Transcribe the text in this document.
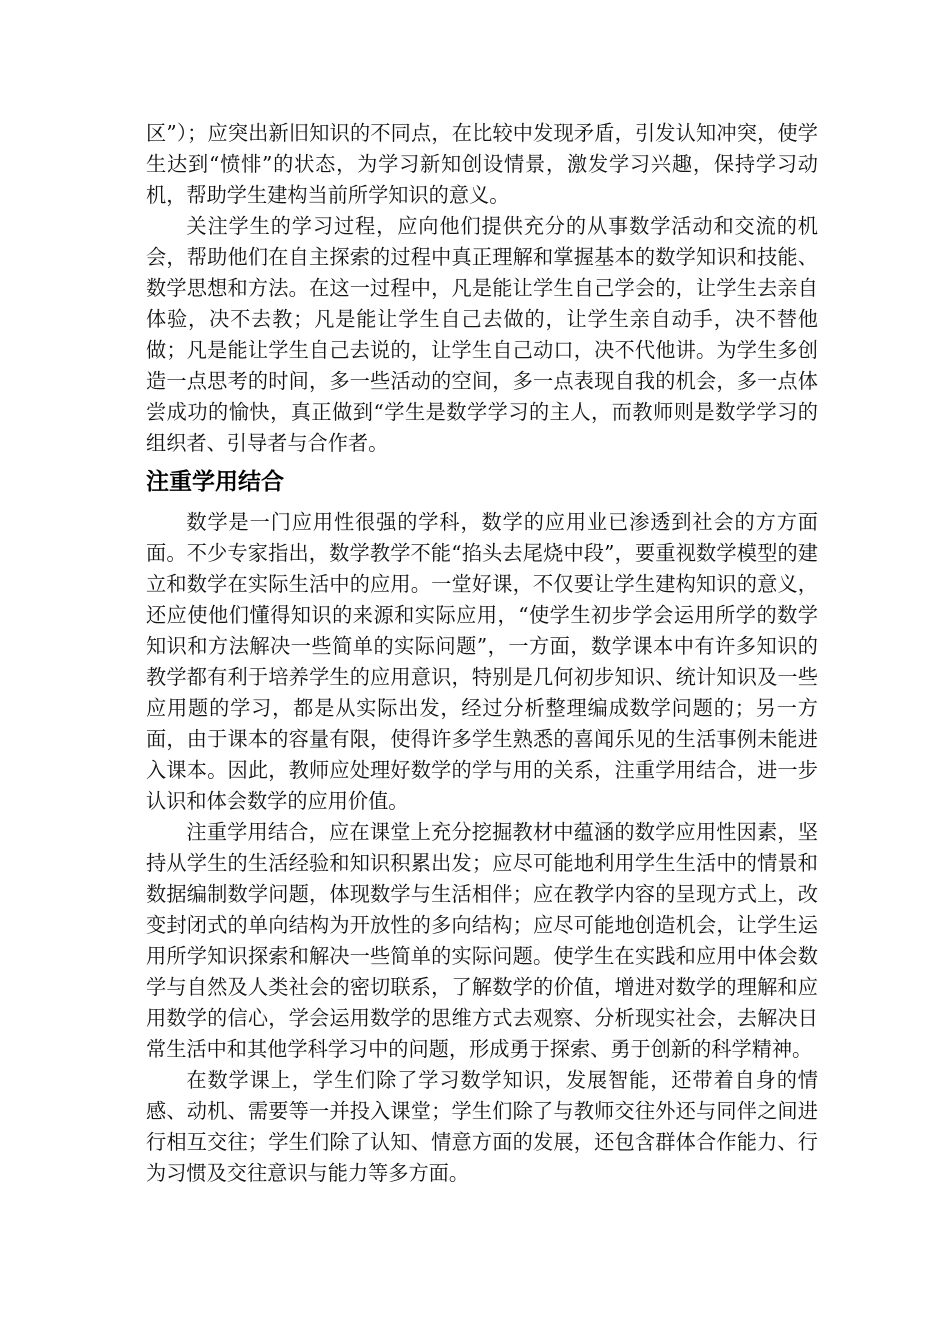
区”）；应突出新旧知识的不同点，在比较中发现矛盾，引发认知冲突，使学生达到“愤悱”的状态，为学习新知创设情景，激发学习兴趣，保持学习动机，帮助学生建构当前所学知识的意义。

关注学生的学习过程，应向他们提供充分的从事数学活动和交流的机会，帮助他们在自主探索的过程中真正理解和掌握基本的数学知识和技能、数学思想和方法。在这一过程中，凡是能让学生自己学会的，让学生去亲自体验，决不去教；凡是能让学生自己去做的，让学生亲自动手，决不替他做；凡是能让学生自己去说的，让学生自己动口，决不代他讲。为学生多创造一点思考的时间，多一些活动的空间，多一点表现自我的机会，多一点体尝成功的愉快，真正做到“学生是数学学习的主人，而教师则是数学学习的组织者、引导者与合作者。

注重学用结合

数学是一门应用性很强的学科，数学的应用业已渗透到社会的方方面面。不少专家指出，数学教学不能“掐头去尾烧中段”，要重视数学模型的建立和数学在实际生活中的应用。一堂好课，不仅要让学生建构知识的意义，还应使他们懂得知识的来源和实际应用，“使学生初步学会运用所学的数学知识和方法解决一些简单的实际问题”，一方面，数学课本中有许多知识的教学都有利于培养学生的应用意识，特别是几何初步知识、统计知识及一些应用题的学习，都是从实际出发，经过分析整理编成数学问题的；另一方面，由于课本的容量有限，使得许多学生熟悉的喜闻乐见的生活事例未能进入课本。因此，教师应处理好数学的学与用的关系，注重学用结合，进一步认识和体会数学的应用价值。

注重学用结合，应在课堂上充分挖掘教材中蕴涵的数学应用性因素，坚持从学生的生活经验和知识积累出发；应尽可能地利用学生生活中的情景和数据编制数学问题，体现数学与生活相伴；应在教学内容的呈现方式上，改变封闭式的单向结构为开放性的多向结构；应尽可能地创造机会，让学生运用所学知识探索和解决一些简单的实际问题。使学生在实践和应用中体会数学与自然及人类社会的密切联系，了解数学的价值，增进对数学的理解和应用数学的信心，学会运用数学的思维方式去观察、分析现实社会，去解决日常生活中和其他学科学习中的问题，形成勇于探索、勇于创新的科学精神。

在数学课上，学生们除了学习数学知识，发展智能，还带着自身的情感、动机、需要等一并投入课堂；学生们除了与教师交往外还与同伴之间进行相互交往；学生们除了认知、情意方面的发展，还包含群体合作能力、行为习惯及交往意识与能力等多方面。
